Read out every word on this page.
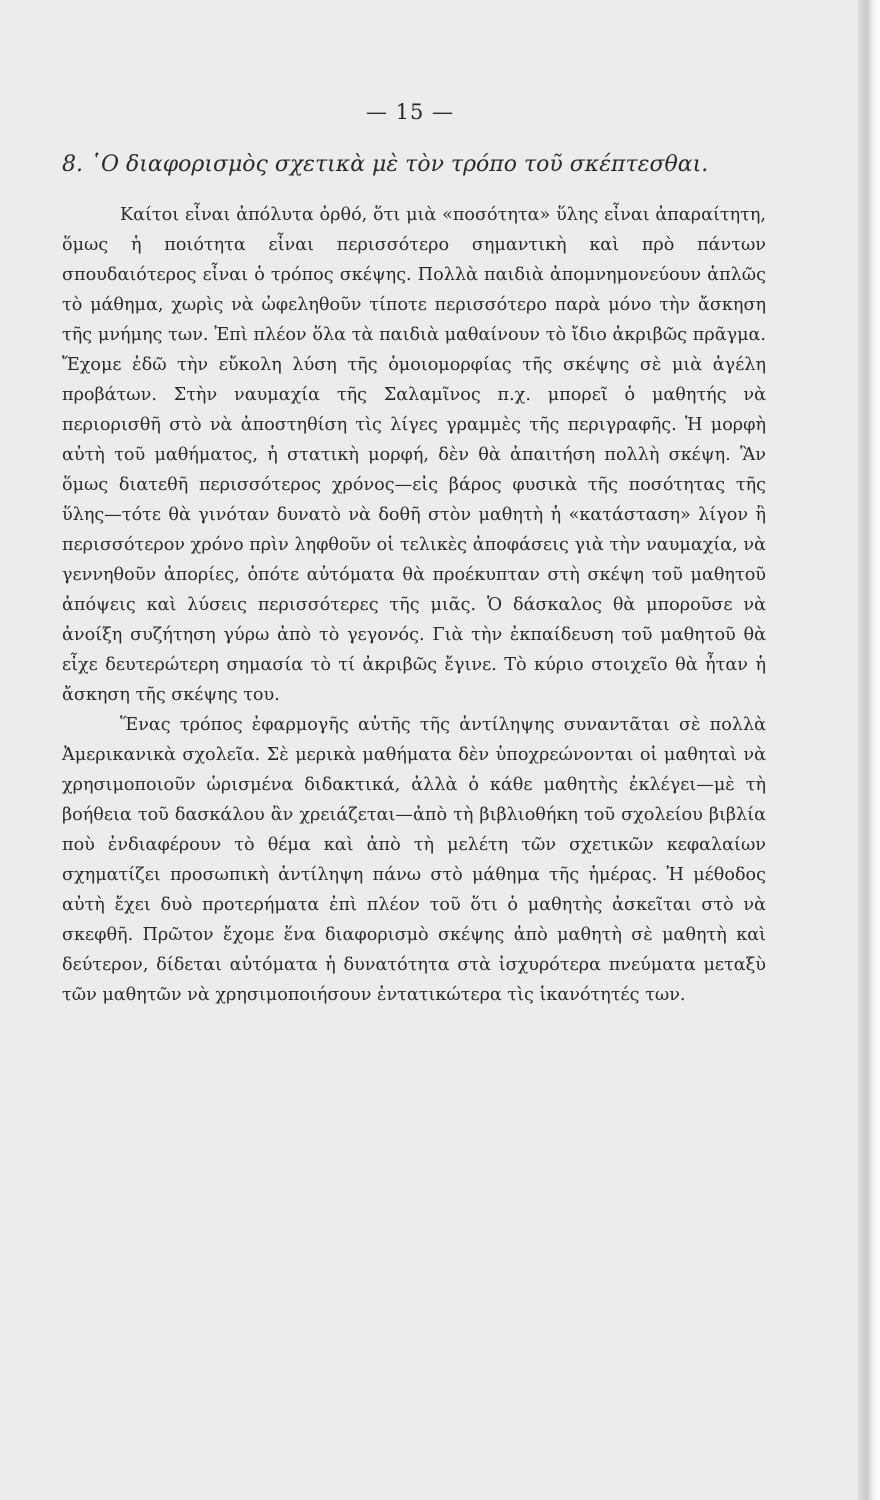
— 15 —
8. ῾Ο διαφορισμὸς σχετικὰ μὲ τὸν τρόπο τοῦ σκέπτεσθαι.

Καίτοι εἶναι ἀπόλυτα ὀρθό, ὅτι μιὰ «ποσότητα» ὕλης εἶναι ἀπαραίτητη, ὅμως ἡ ποιότητα εἶναι περισσότερο σημαντικὴ καὶ πρὸ πάντων σπουδαιότερος εἶναι ὁ τρόπος σκέψης. Πολλὰ παιδιὰ ἀπομνημονεύουν ἁπλῶς τὸ μάθημα, χωρὶς νὰ ὠφεληθοῦν τίποτε περισσότερο παρὰ μόνο τὴν ἄσκηση τῆς μνήμης των. Ἐπὶ πλέον ὅλα τὰ παιδιὰ μαθαίνουν τὸ ἴδιο ἀκριβῶς πρᾶγμα. Ἔχομε ἐδῶ τὴν εὔκολη λύση τῆς ὁμοιομορφίας τῆς σκέψης σὲ μιὰ ἀγέλη προβάτων. Στὴν ναυμαχία τῆς Σαλαμῖνος π.χ. μπορεῖ ὁ μαθητής νὰ περιορισθῆ στὸ νὰ ἀποστηθίση τὶς λίγες γραμμὲς τῆς περιγραφῆς. Ἡ μορφὴ αὐτὴ τοῦ μαθήματος, ἡ στατικὴ μορφή, δὲν θὰ ἀπαιτήση πολλὴ σκέψη. Ἂν ὅμως διατεθῆ περισσότερος χρόνος—εἰς βάρος φυσικὰ τῆς ποσότητας τῆς ὕλης—τότε θὰ γινόταν δυνατὸ νὰ δοθῆ στὸν μαθητὴ ἡ «κατάσταση» λίγον ἢ περισσότερον χρόνο πρὶν ληφθοῦν οἱ τελικὲς ἀποφάσεις γιὰ τὴν ναυμαχία, νὰ γεννηθοῦν ἀπορίες, ὁπότε αὐτόματα θὰ προέκυπταν στὴ σκέψη τοῦ μαθητοῦ ἀπόψεις καὶ λύσεις περισσότερες τῆς μιᾶς. Ὁ δάσκαλος θὰ μποροῦσε νὰ ἀνοίξη συζήτηση γύρω ἀπὸ τὸ γεγονός. Γιὰ τὴν ἐκπαίδευση τοῦ μαθητοῦ θὰ εἶχε δευτερώτερη σημασία τὸ τί ἀκριβῶς ἔγινε. Τὸ κύριο στοιχεῖο θὰ ἦταν ἡ ἄσκηση τῆς σκέψης του.

Ἕνας τρόπος ἐφαρμογῆς αὐτῆς τῆς ἀντίληψης συναντᾶται σὲ πολλὰ Ἀμερικανικὰ σχολεῖα. Σὲ μερικὰ μαθήματα δὲν ὑποχρεώνονται οἱ μαθηταὶ νὰ χρησιμοποιοῦν ὡρισμένα διδακτικά, ἀλλὰ ὁ κάθε μαθητὴς ἐκλέγει—μὲ τὴ βοήθεια τοῦ δασκάλου ἂν χρειάζεται—ἀπὸ τὴ βιβλιοθήκη τοῦ σχολείου βιβλία ποὺ ἐνδιαφέρουν τὸ θέμα καὶ ἀπὸ τὴ μελέτη τῶν σχετικῶν κεφαλαίων σχηματίζει προσωπικὴ ἀντίληψη πάνω στὸ μάθημα τῆς ἡμέρας. Ἡ μέθοδος αὐτὴ ἔχει δυὸ προτερήματα ἐπὶ πλέον τοῦ ὅτι ὁ μαθητὴς ἀσκεῖται στὸ νὰ σκεφθῆ. Πρῶτον ἔχομε ἕνα διαφορισμὸ σκέψης ἀπὸ μαθητὴ σὲ μαθητὴ καὶ δεύτερον, δίδεται αὐτόματα ἡ δυνατότητα στὰ ἰσχυρότερα πνεύματα μεταξὺ τῶν μαθητῶν νὰ χρησιμοποιήσουν ἐντατικώτερα τὶς ἱκανότητές των.
